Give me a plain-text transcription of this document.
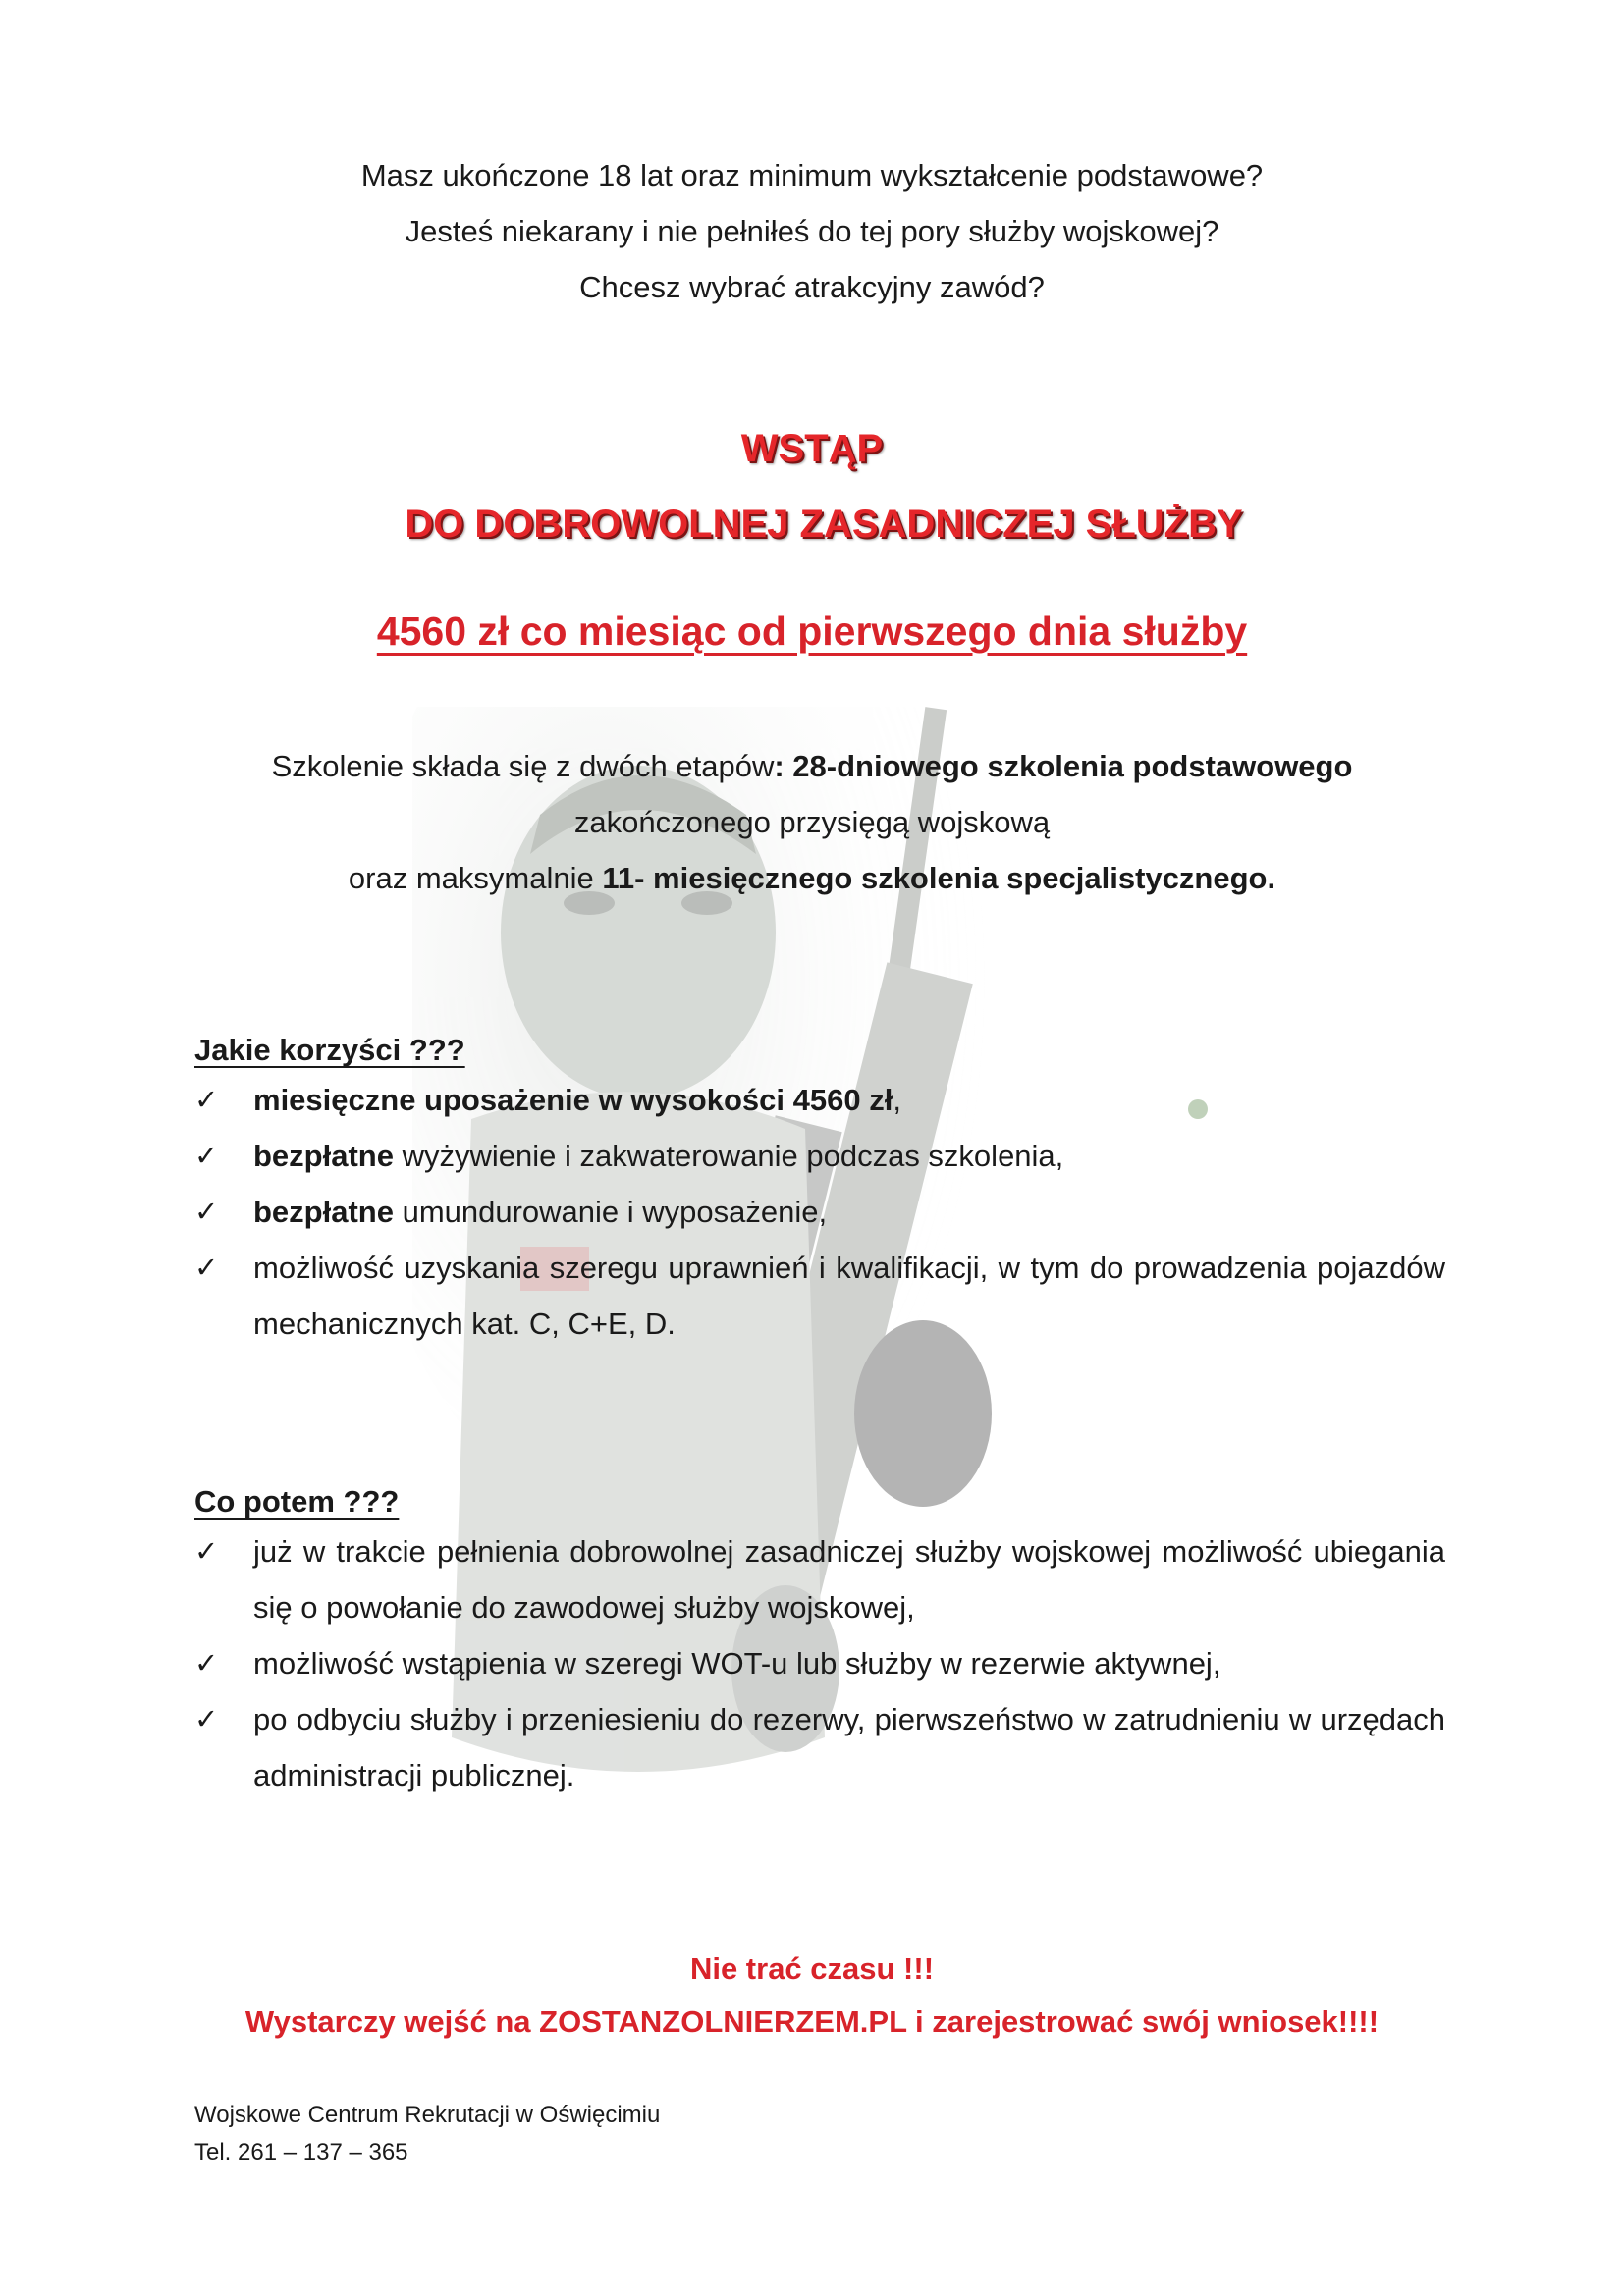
Masz ukończone 18 lat oraz minimum wykształcenie podstawowe?
Jesteś niekarany i nie pełniłeś do tej pory służby wojskowej?
Chcesz wybrać atrakcyjny zawód?
WSTĄP
DO DOBROWOLNEJ ZASADNICZEJ SŁUŻBY
4560 zł co miesiąc od pierwszego dnia służby
Szkolenie składa się z dwóch etapów: 28-dniowego szkolenia podstawowego
zakończonego przysięgą wojskową
oraz maksymalnie 11- miesięcznego szkolenia specjalistycznego.
Jakie korzyści ???
✓ miesięczne uposażenie w wysokości 4560 zł,
✓ bezpłatne wyżywienie i zakwaterowanie podczas szkolenia,
✓ bezpłatne umundurowanie i wyposażenie,
✓ możliwość uzyskania szeregu uprawnień i kwalifikacji, w tym do prowadzenia pojazdów mechanicznych kat. C, C+E, D.
Co potem ???
✓ już w trakcie pełnienia dobrowolnej zasadniczej służby wojskowej możliwość ubiegania się o powołanie do zawodowej służby wojskowej,
✓ możliwość wstąpienia w szeregi WOT-u lub służby w rezerwie aktywnej,
✓ po odbyciu służby i przeniesieniu do rezerwy, pierwszeństwo w zatrudnieniu w urzędach administracji publicznej.
Nie trać czasu !!!
Wystarczy wejść na ZOSTANZOLNIERZEM.PL i zarejestrować swój wniosek!!!!
Wojskowe Centrum Rekrutacji w Oświęcimiu
Tel. 261 – 137 – 365
